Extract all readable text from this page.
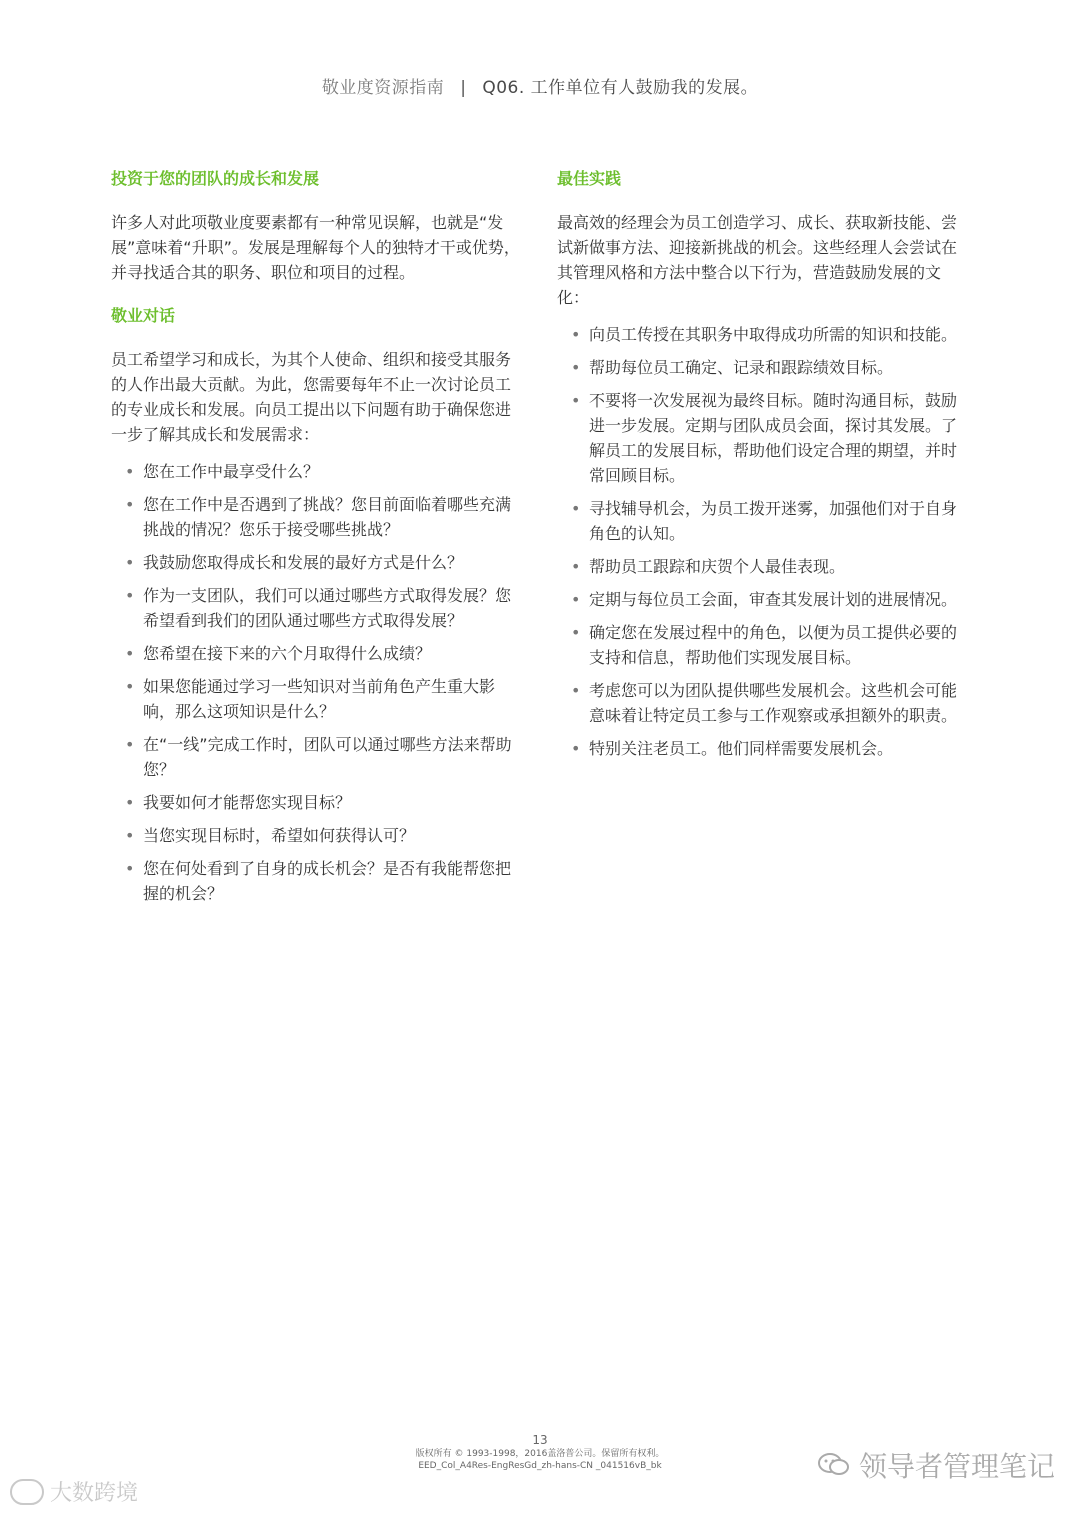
敬业度资源指南 | Q06. 工作单位有人鼓励我的发展。
投资于您的团队的成长和发展
许多人对此项敬业度要素都有一种常见误解，也就是“发展”意味着“升职”。发展是理解每个人的独特才干或优势，并寻找适合其的职务、职位和项目的过程。
敬业对话
员工希望学习和成长，为其个人使命、组织和接受其服务的人作出最大贡献。为此，您需要每年不止一次讨论员工的专业成长和发展。向员工提出以下问题有助于确保您进一步了解其成长和发展需求：
• 您在工作中最享受什么？
• 您在工作中是否遇到了挑战？您目前面临着哪些充满挑战的情况？您乐于接受哪些挑战？
• 我鼓励您取得成长和发展的最好方式是什么？
• 作为一支团队，我们可以通过哪些方式取得发展？您希望看到我们的团队通过哪些方式取得发展？
• 您希望在接下来的六个月取得什么成绩？
• 如果您能通过学习一些知识对当前角色产生重大影响，那么这项知识是什么？
• 在“一线”完成工作时，团队可以通过哪些方法来帮助您？
• 我要如何才能帮您实现目标？
• 当您实现目标时，希望如何获得认可？
• 您在何处看到了自身的成长机会？是否有我能帮您把握的机会？
最佳实践
最高效的经理会为员工创造学习、成长、获取新技能、尝试新做事方法、迎接新挑战的机会。这些经理人会尝试在其管理风格和方法中整合以下行为，营造鼓励发展的文化：
• 向员工传授在其职务中取得成功所需的知识和技能。
• 帮助每位员工确定、记录和跟踪绩效目标。
• 不要将一次发展视为最终目标。随时沟通目标，鼓励进一步发展。定期与团队成员会面，探讨其发展。了解员工的发展目标，帮助他们设定合理的期望，并时常回顾目标。
• 寻找辅导机会，为员工拨开迷雾，加强他们对于自身角色的认知。
• 帮助员工跟踪和庆贺个人最佳表现。
• 定期与每位员工会面，审查其发展计划的进展情况。
• 确定您在发展过程中的角色，以便为员工提供必要的支持和信息，帮助他们实现发展目标。
• 考虑您可以为团队提供哪些发展机会。这些机会可能意味着让特定员工参与工作观察或承担额外的职责。
• 特别关注老员工。他们同样需要发展机会。
13
版权所有 © 1993-1998，2016盖洛普公司。保留所有权利。
EED_Col_A4Res-EngResGd_zh-hans-CN _041516vB_bk
大数跨境
领导者管理笔记
